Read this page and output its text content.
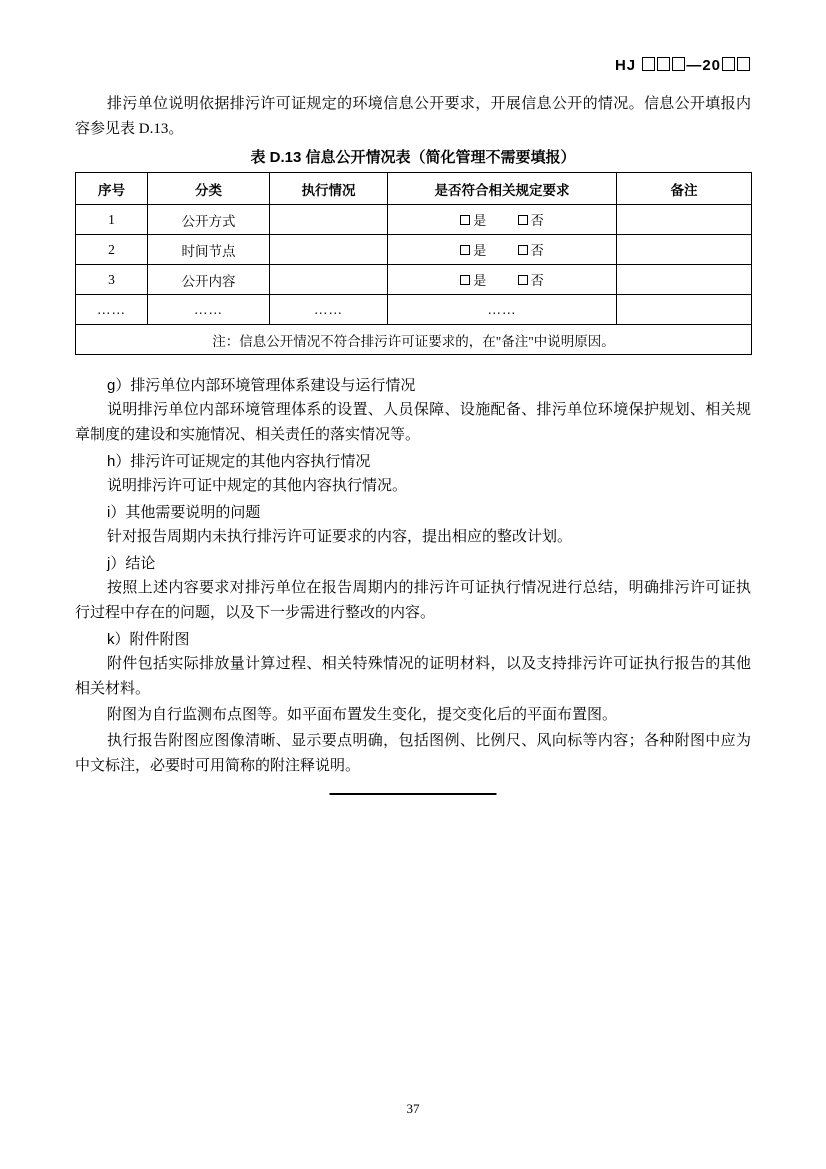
HJ	—20

排污单位说明依据排污许可证规定的环境信息公开要求，开展信息公开的情况。信息公开填报内容参见表 D.13。

表 D.13 信息公开情况表（简化管理不需要填报）
序号	分类	执行情况	是否符合相关规定要求	备注
1	公开方式		是 否	
2	时间节点		是 否	
3	公开内容		是 否	
……	……	……	……	
注：信息公开情况不符合排污许可证要求的，在"备注"中说明原因。				

g）排污单位内部环境管理体系建设与运行情况

说明排污单位内部环境管理体系的设置、人员保障、设施配备、排污单位环境保护规划、相关规章制度的建设和实施情况、相关责任的落实情况等。

h）排污许可证规定的其他内容执行情况

说明排污许可证中规定的其他内容执行情况。

i）其他需要说明的问题

针对报告周期内未执行排污许可证要求的内容，提出相应的整改计划。

j）结论

按照上述内容要求对排污单位在报告周期内的排污许可证执行情况进行总结，明确排污许可证执行过程中存在的问题，以及下一步需进行整改的内容。

k）附件附图

附件包括实际排放量计算过程、相关特殊情况的证明材料，以及支持排污许可证执行报告的其他相关材料。

附图为自行监测布点图等。如平面布置发生变化，提交变化后的平面布置图。

执行报告附图应图像清晰、显示要点明确，包括图例、比例尺、风向标等内容；各种附图中应为中文标注，必要时可用简称的附注释说明。

37
